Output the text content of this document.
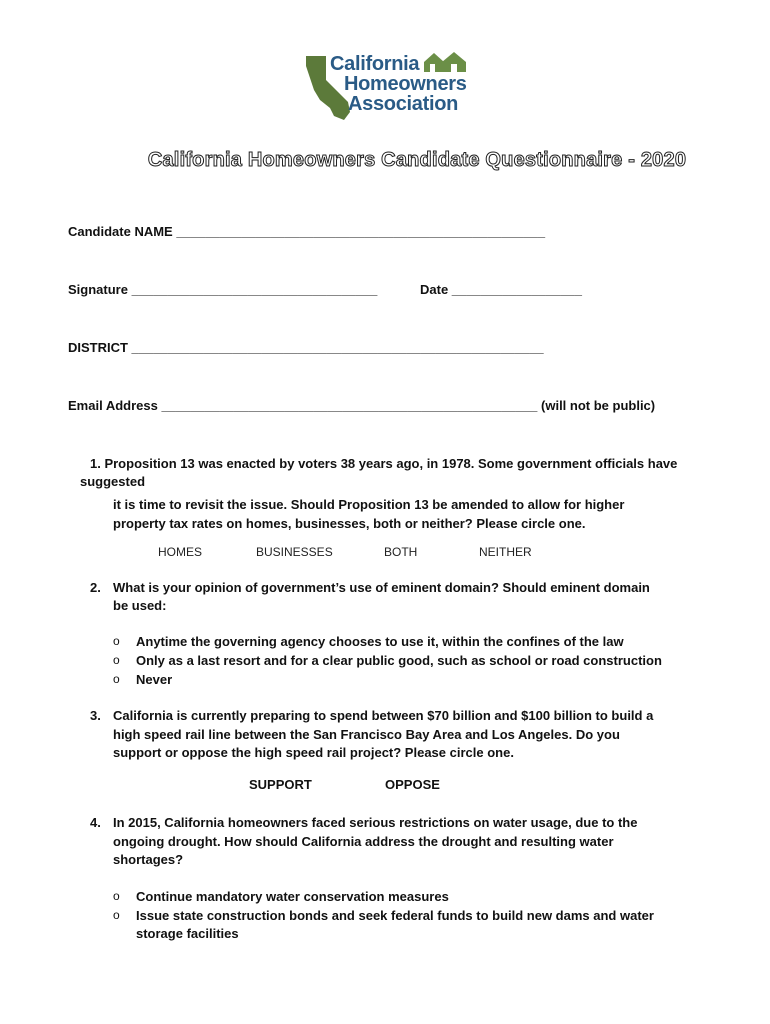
California
Homeowners
Association
California Homeowners Candidate Questionnaire - 2020
Candidate NAME ___________________________________________________
Signature __________________________________	Date __________________
DISTRICT _________________________________________________________
Email Address ____________________________________________________ (will not be public)
1. Proposition 13 was enacted by voters 38 years ago, in 1978. Some government officials have
suggested
it is time to revisit the issue. Should Proposition 13 be amended to allow for higher
property tax rates on homes, businesses, both or neither? Please circle one.
HOMES	BUSINESSES	BOTH	NEITHER
2. What is your opinion of government’s use of eminent domain? Should eminent domain
be used:
o Anytime the governing agency chooses to use it, within the confines of the law
o Only as a last resort and for a clear public good, such as school or road construction
o Never
3. California is currently preparing to spend between $70 billion and $100 billion to build a
high speed rail line between the San Francisco Bay Area and Los Angeles. Do you
support or oppose the high speed rail project? Please circle one.
SUPPORT	OPPOSE
4. In 2015, California homeowners faced serious restrictions on water usage, due to the
ongoing drought. How should California address the drought and resulting water
shortages?
o Continue mandatory water conservation measures
o Issue state construction bonds and seek federal funds to build new dams and water
storage facilities
